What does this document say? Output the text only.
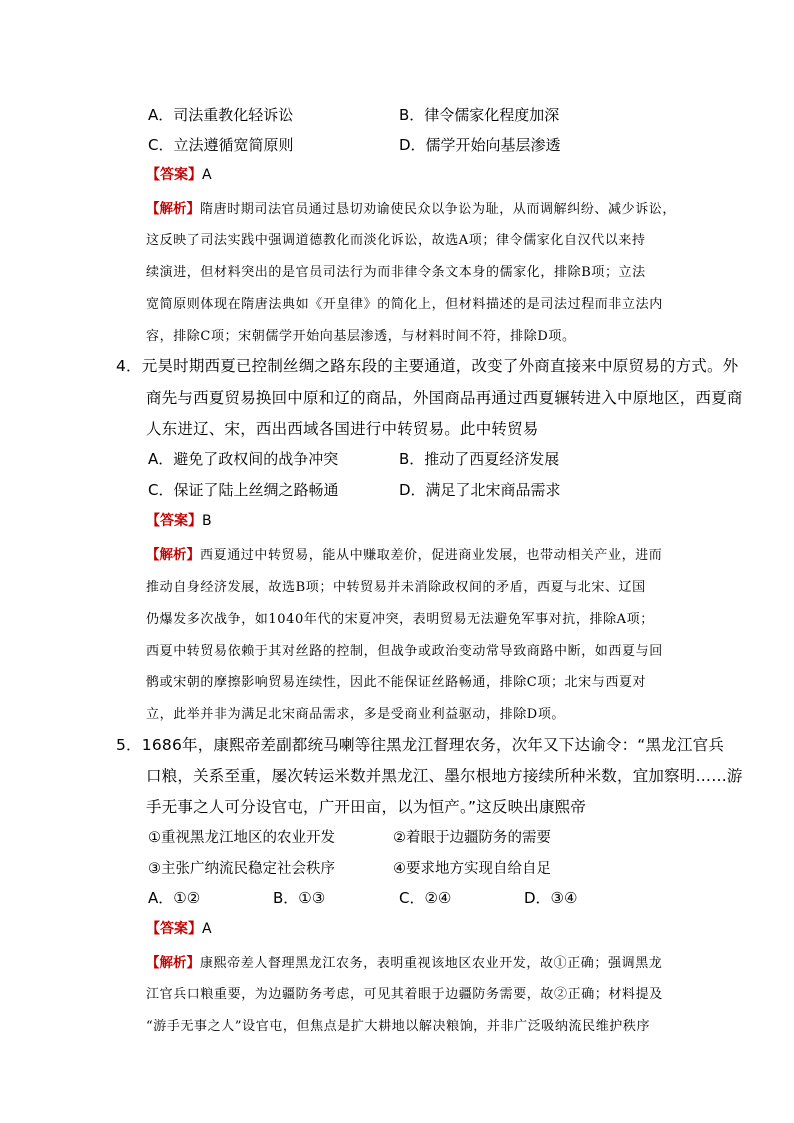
A．司法重教化轻诉讼	B．律令儒家化程度加深
C．立法遵循宽简原则	D．儒学开始向基层渗透
【答案】A
【解析】隋唐时期司法官员通过恳切劝谕使民众以争讼为耻，从而调解纠纷、减少诉讼，
这反映了司法实践中强调道德教化而淡化诉讼，故选A项；律令儒家化自汉代以来持
续演进，但材料突出的是官员司法行为而非律令条文本身的儒家化，排除B项；立法
宽简原则体现在隋唐法典如《开皇律》的简化上，但材料描述的是司法过程而非立法内
容，排除C项；宋朝儒学开始向基层渗透，与材料时间不符，排除D项。
4．元昊时期西夏已控制丝绸之路东段的主要通道，改变了外商直接来中原贸易的方式。外
商先与西夏贸易换回中原和辽的商品，外国商品再通过西夏辗转进入中原地区，西夏商
人东进辽、宋，西出西域各国进行中转贸易。此中转贸易
A．避免了政权间的战争冲突	B．推动了西夏经济发展
C．保证了陆上丝绸之路畅通	D．满足了北宋商品需求
【答案】B
【解析】西夏通过中转贸易，能从中赚取差价，促进商业发展，也带动相关产业，进而
推动自身经济发展，故选B项；中转贸易并未消除政权间的矛盾，西夏与北宋、辽国
仍爆发多次战争，如1040年代的宋夏冲突，表明贸易无法避免军事对抗，排除A项；
西夏中转贸易依赖于其对丝路的控制，但战争或政治变动常导致商路中断，如西夏与回
鹘或宋朝的摩擦影响贸易连续性，因此不能保证丝路畅通，排除C项；北宋与西夏对
立，此举并非为满足北宋商品需求，多是受商业利益驱动，排除D项。
5．1686年，康熙帝差副都统马喇等往黑龙江督理农务，次年又下达谕令：“黑龙江官兵
口粮，关系至重，屡次转运米数并黑龙江、墨尔根地方接续所种米数，宜加察明……游
手无事之人可分设官屯，广开田亩，以为恒产。”这反映出康熙帝
①重视黑龙江地区的农业开发	②着眼于边疆防务的需要
③主张广纳流民稳定社会秩序	④要求地方实现自给自足
A．①②	B．①③	C．②④	D．③④
【答案】A
【解析】康熙帝差人督理黑龙江农务，表明重视该地区农业开发，故①正确；强调黑龙
江官兵口粮重要，为边疆防务考虑，可见其着眼于边疆防务需要，故②正确；材料提及
“游手无事之人”设官屯，但焦点是扩大耕地以解决粮饷，并非广泛吸纳流民维护秩序
